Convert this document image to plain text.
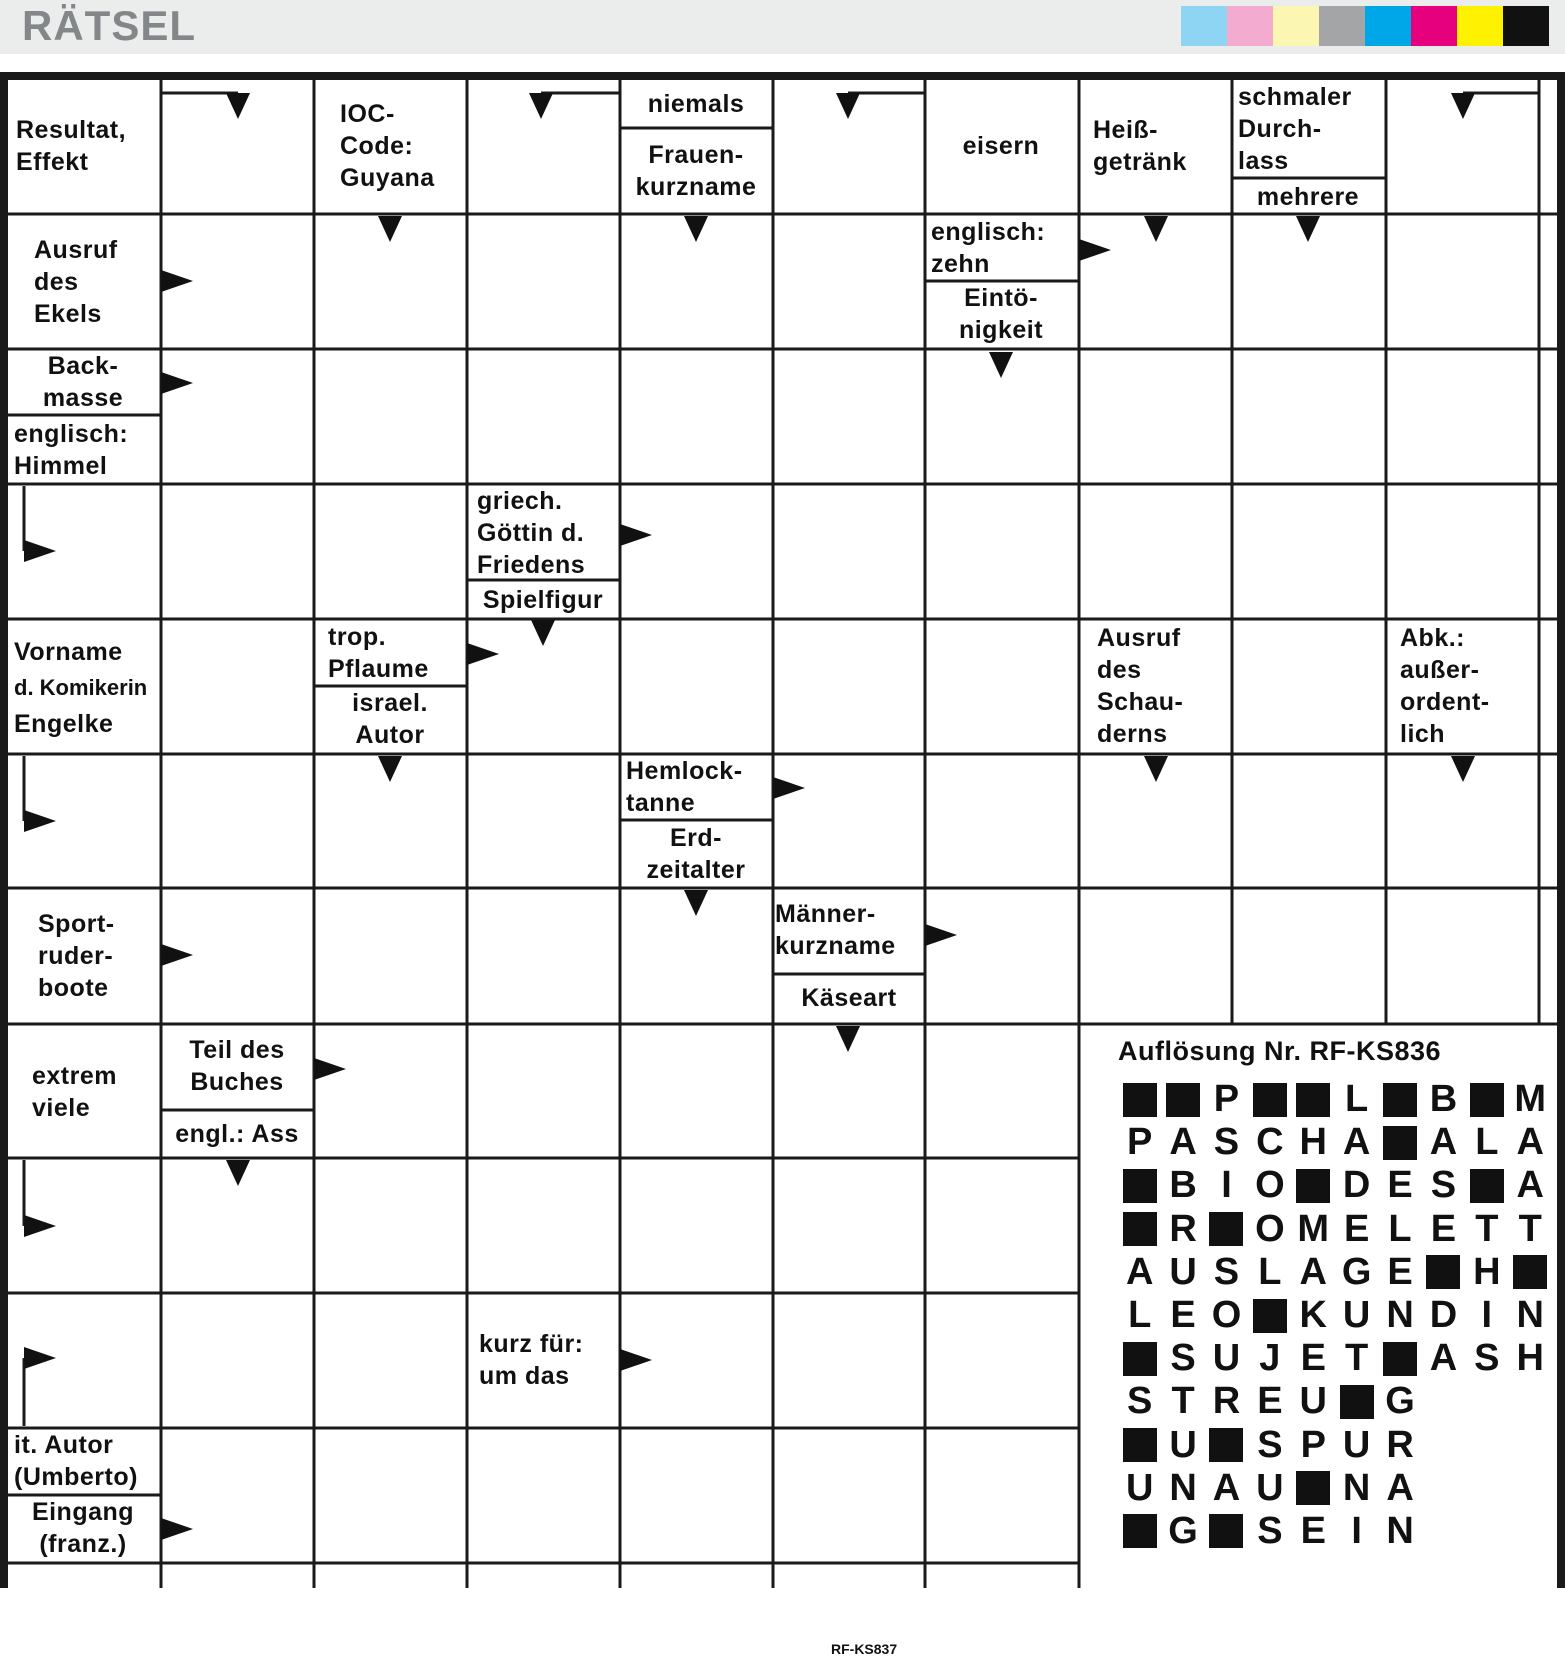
RÄTSEL
Resultat,
Effekt
IOC-
Code:
Guyana
niemals
Frauen-
kurzname
eisern
Heiß-
getränk
schmaler
Durch-
lass
mehrere
Ausruf
des
Ekels
englisch:
zehn
Eintö-
nigkeit
Back-
masse
englisch:
Himmel
griech.
Göttin d.
Friedens
Spielfigur
Vorname
d. Komikerin
Engelke
trop.
Pflaume
israel.
Autor
Ausruf
des
Schau-
derns
Abk.:
außer-
ordent-
lich
Hemlock-
tanne
Erd-
zeitalter
Sport-
ruder-
boote
Männer-
kurzname
Käseart
extrem
viele
Teil des
Buches
engl.: Ass
kurz für:
um das
it. Autor
(Umberto)
Eingang
(franz.)
RF-KS837
Auflösung Nr. RF-KS836
P	L B M
P A S C H A A L A
B I O D E S A
R O M E L E T T
A U S L A G E H
L E O K U N D I N
S U J E T A S H
S T R E U G
U S P U R
U N A U N A
G S E I N
